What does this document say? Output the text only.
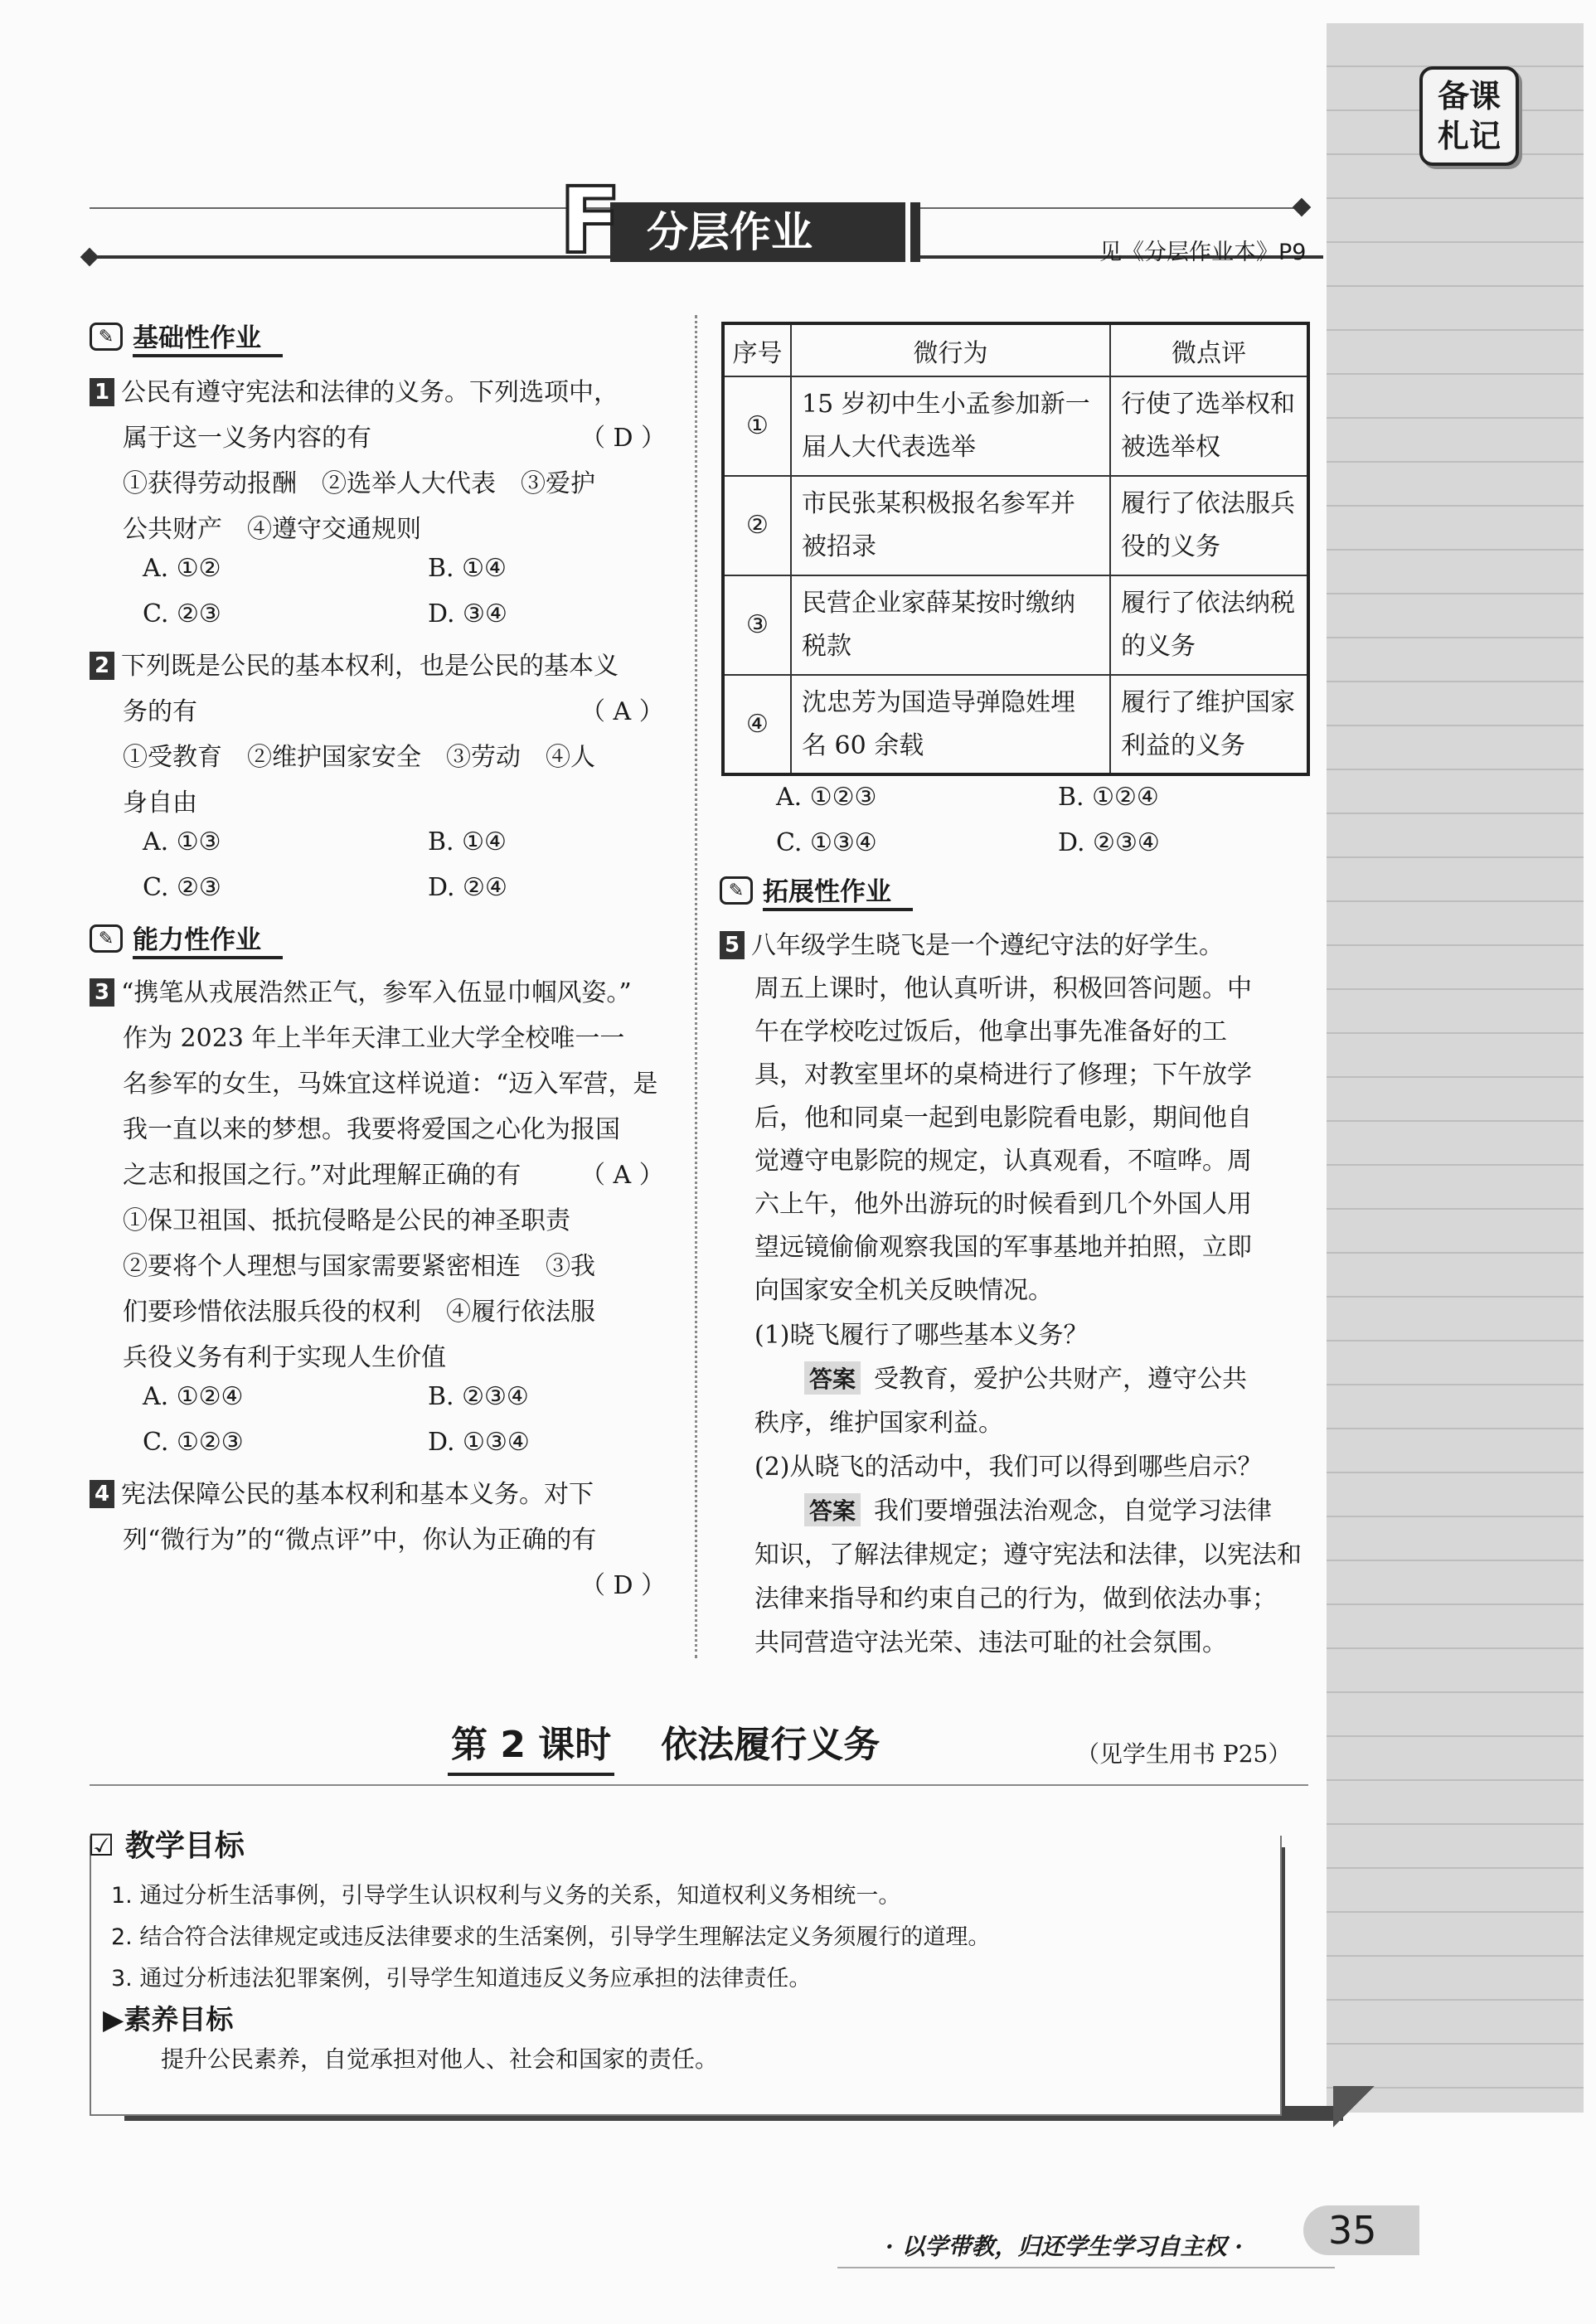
备 课
札 记
分层作业
F	见《分层作业本》P9
✎ 基础性作业
1 公民有遵守宪法和法律的义务。下列选项中，
属于这一义务内容的有	（ D ）
①获得劳动报酬　②选举人大代表　③爱护
公共财产　④遵守交通规则
A. ①②	B. ①④
C. ②③	D. ③④
2 下列既是公民的基本权利，也是公民的基本义
务的有	（ A ）
①受教育　②维护国家安全　③劳动　④人
身自由
A. ①③	B. ①④
C. ②③	D. ②④
✎ 能力性作业
3 “携笔从戎展浩然正气，参军入伍显巾帼风姿。”
作为 2023 年上半年天津工业大学全校唯一一
名参军的女生，马姝宜这样说道：“迈入军营，是
我一直以来的梦想。我要将爱国之心化为报国
之志和报国之行。”对此理解正确的有 （ A ）
①保卫祖国、抵抗侵略是公民的神圣职责
②要将个人理想与国家需要紧密相连　③我
们要珍惜依法服兵役的权利　④履行依法服
兵役义务有利于实现人生价值
A. ①②④	B. ②③④
C. ①②③	D. ①③④
4 宪法保障公民的基本权利和基本义务。对下
列“微行为”的“微点评”中，你认为正确的有
（ D ）
序号	微行为	微点评
①	15 岁初中生小孟参加新一届人大代表选举	行使了选举权和被选举权
②	市民张某积极报名参军并被招录	履行了依法服兵役的义务
③	民营企业家薛某按时缴纳税款	履行了依法纳税的义务
④	沈忠芳为国造导弹隐姓埋名 60 余载	履行了维护国家利益的义务
A. ①②③	B. ①②④
C. ①③④	D. ②③④
✎ 拓展性作业
5 八年级学生晓飞是一个遵纪守法的好学生。
周五上课时，他认真听讲，积极回答问题。中
午在学校吃过饭后，他拿出事先准备好的工
具，对教室里坏的桌椅进行了修理；下午放学
后，他和同桌一起到电影院看电影，期间他自
觉遵守电影院的规定，认真观看，不喧哗。周
六上午，他外出游玩的时候看到几个外国人用
望远镜偷偷观察我国的军事基地并拍照，立即
向国家安全机关反映情况。
(1)晓飞履行了哪些基本义务？
答案 受教育，爱护公共财产，遵守公共
秩序，维护国家利益。
(2)从晓飞的活动中，我们可以得到哪些启示？
答案 我们要增强法治观念，自觉学习法律
知识，了解法律规定；遵守宪法和法律，以宪法和
法律来指导和约束自己的行为，做到依法办事；
共同营造守法光荣、违法可耻的社会氛围。
第 2 课时 依法履行义务	（见学生用书 P25）
☑ 教学目标
1. 通过分析生活事例，引导学生认识权利与义务的关系，知道权利义务相统一。
2. 结合符合法律规定或违反法律要求的生活案例，引导学生理解法定义务须履行的道理。
3. 通过分析违法犯罪案例，引导学生知道违反义务应承担的法律责任。
▶素养目标
提升公民素养，自觉承担对他人、社会和国家的责任。
· 以学带教，归还学生学习自主权 ·	35
